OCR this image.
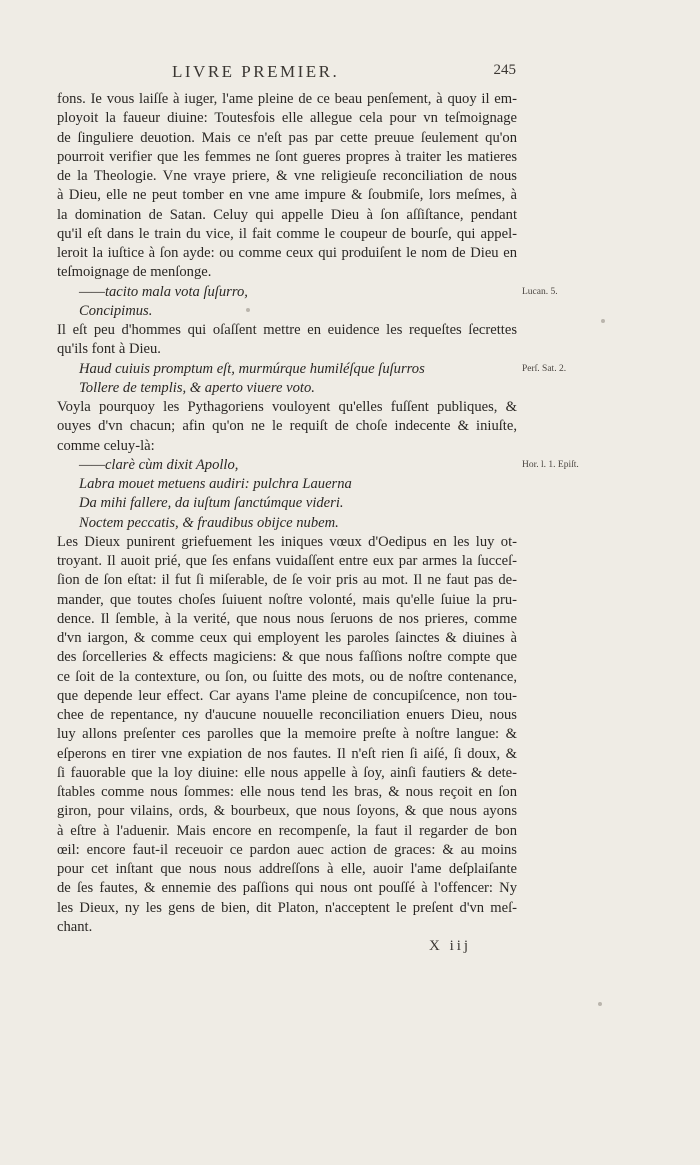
LIVRE PREMIER.	245
fons. Ie vous laiſſe à iuger, l'ame pleine de ce beau penſement, à quoy il em-
ployoit la faueur diuine: Toutesfois elle allegue cela pour vn teſmoignage
de ſinguliere deuotion. Mais ce n'eſt pas par cette preuue ſeulement qu'on
pourroit verifier que les femmes ne ſont gueres propres à traiter les matieres
de la Theologie. Vne vraye priere, & vne religieuſe reconciliation de nous
à Dieu, elle ne peut tomber en vne ame impure & ſoubmiſe, lors meſmes, à
la domination de Satan. Celuy qui appelle Dieu à ſon aſſiſtance, pendant
qu'il eſt dans le train du vice, il fait comme le coupeur de bourſe, qui appel-
leroit la iuſtice à ſon ayde: ou comme ceux qui produiſent le nom de Dieu en
teſmoignage de menſonge.
——tacito mala vota ſuſurro,
Concipimus.
Il eſt peu d'hommes qui oſaſſent mettre en euidence les requeſtes ſecrettes
qu'ils font à Dieu.
Haud cuiuis promptum eſt, murmúrque humiléſque ſuſurros
Tollere de templis, & aperto viuere voto.
Voyla pourquoy les Pythagoriens vouloyent qu'elles fuſſent publiques, &
ouyes d'vn chacun; afin qu'on ne le requiſt de choſe indecente & iniuſte,
comme celuy-là:
——clarè cùm dixit Apollo,
Labra mouet metuens audiri: pulchra Lauerna
Da mihi fallere, da iuſtum ſanctúmque videri.
Noctem peccatis, & fraudibus obijce nubem.
Les Dieux punirent griefuement les iniques vœux d'Oedipus en les luy ot-
troyant. Il auoit prié, que ſes enfans vuidaſſent entre eux par armes la ſucceſ-
ſion de ſon eſtat: il fut ſi miſerable, de ſe voir pris au mot. Il ne faut pas de-
mander, que toutes choſes ſuiuent noſtre volonté, mais qu'elle ſuiue la pru-
dence. Il ſemble, à la verité, que nous nous ſeruons de nos prieres, comme
d'vn iargon, & comme ceux qui employent les paroles ſainctes & diuines à
des ſorcelleries & effects magiciens: & que nous faſſions noſtre compte que
ce ſoit de la contexture, ou ſon, ou ſuitte des mots, ou de noſtre contenance,
que depende leur effect. Car ayans l'ame pleine de concupiſcence, non tou-
chee de repentance, ny d'aucune nouuelle reconciliation enuers Dieu, nous
luy allons preſenter ces parolles que la memoire preſte à noſtre langue: &
eſperons en tirer vne expiation de nos fautes. Il n'eſt rien ſi aiſé, ſi doux, &
ſi fauorable que la loy diuine: elle nous appelle à ſoy, ainſi fautiers & dete-
ſtables comme nous ſommes: elle nous tend les bras, & nous reçoit en ſon
giron, pour vilains, ords, & bourbeux, que nous ſoyons, & que nous ayons
à eſtre à l'aduenir. Mais encore en recompenſe, la faut il regarder de bon
œil: encore faut-il receuoir ce pardon auec action de graces: & au moins
pour cet inſtant que nous nous addreſſons à elle, auoir l'ame deſplaiſante
de ſes fautes, & ennemie des paſſions qui nous ont pouſſé à l'offencer: Ny
les Dieux, ny les gens de bien, dit Platon, n'acceptent le preſent d'vn meſ-
chant.
Lucan. 5.
Perſ. Sat. 2.
Hor. l. 1. Epiſt.
X iij
